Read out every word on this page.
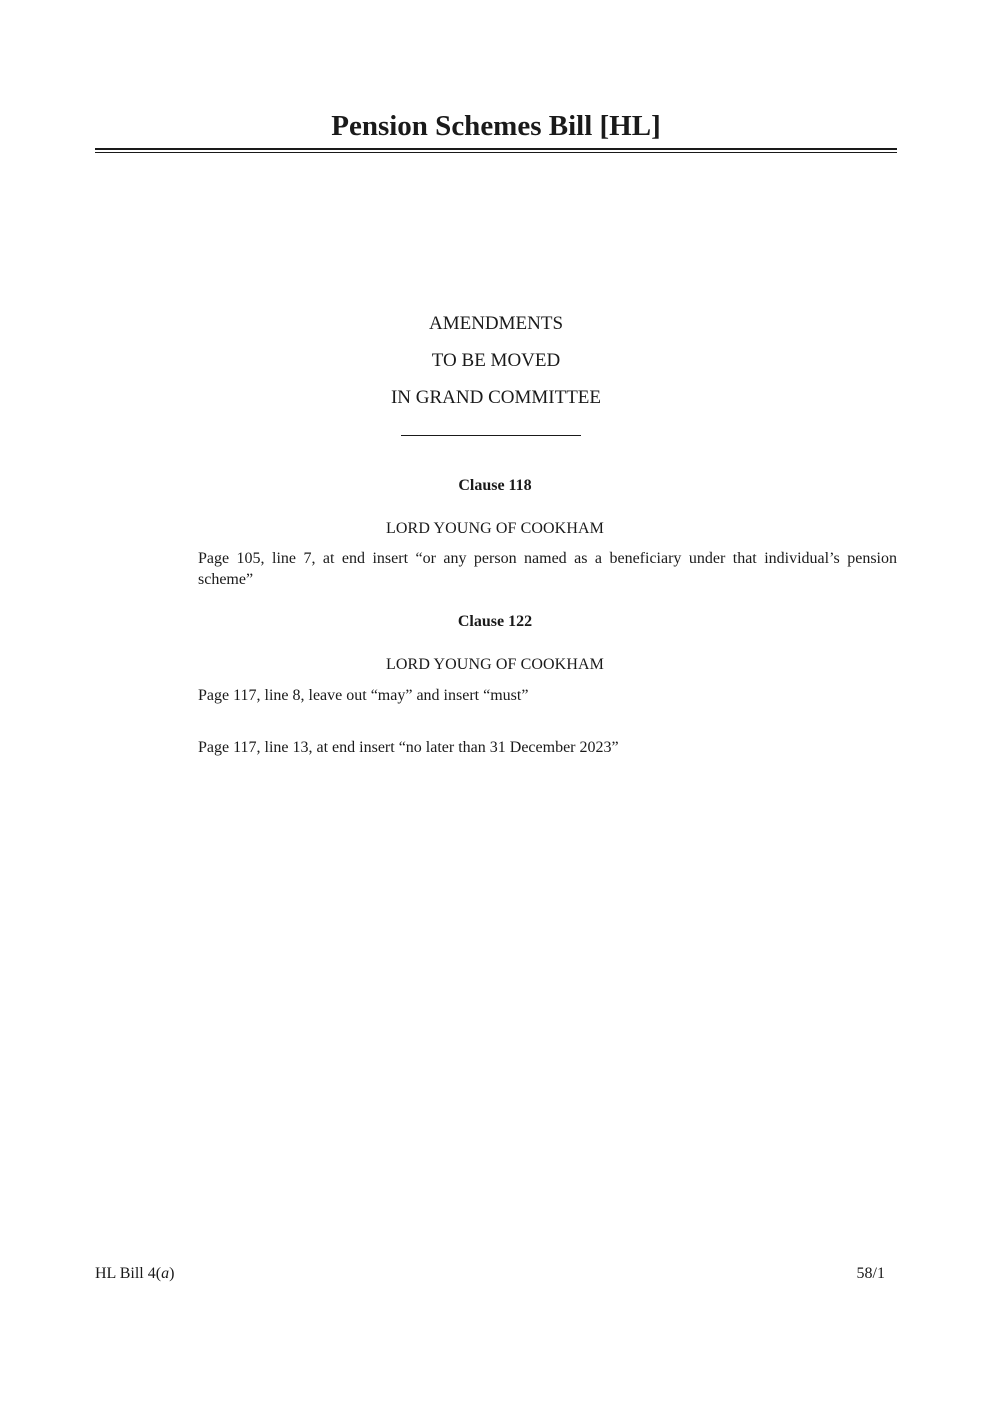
Pension Schemes Bill [HL]
AMENDMENTS
TO BE MOVED
IN GRAND COMMITTEE
Clause 118
LORD YOUNG OF COOKHAM
Page 105, line 7, at end insert “or any person named as a beneficiary under that individual’s pension scheme”
Clause 122
LORD YOUNG OF COOKHAM
Page 117, line 8, leave out “may” and insert “must”
Page 117, line 13, at end insert “no later than 31 December 2023”
HL Bill 4(a)	58/1
